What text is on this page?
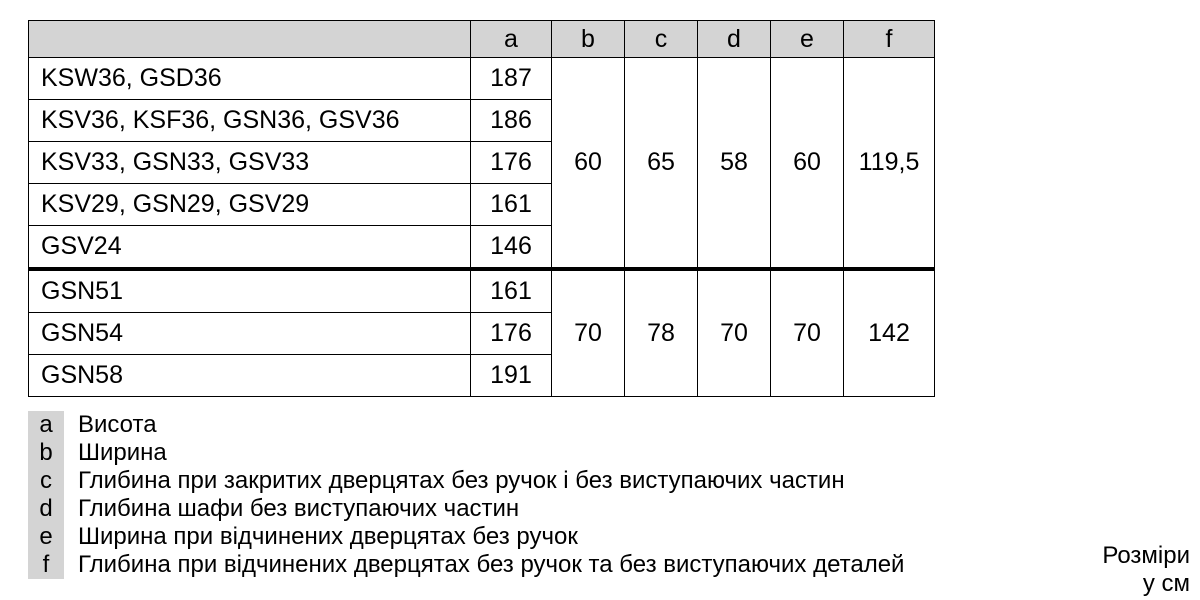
	a	b	c	d	e	f
KSW36, GSD36	187	60	65	58	60	119,5
KSV36, KSF36, GSN36, GSV36	186					
KSV33, GSN33, GSV33	176					
KSV29, GSN29, GSV29	161					
GSV24	146					
GSN51	161	70	78	70	70	142
GSN54	176					
GSN58	191					
a	Висота
b	Ширина
c	Глибина при закритих дверцятах без ручок і без виступаючих частин
d	Глибина шафи без виступаючих частин
e	Ширина при відчинених дверцятах без ручок
f	Глибина при відчинених дверцятах без ручок та без виступаючих деталей	Розміри
у см
